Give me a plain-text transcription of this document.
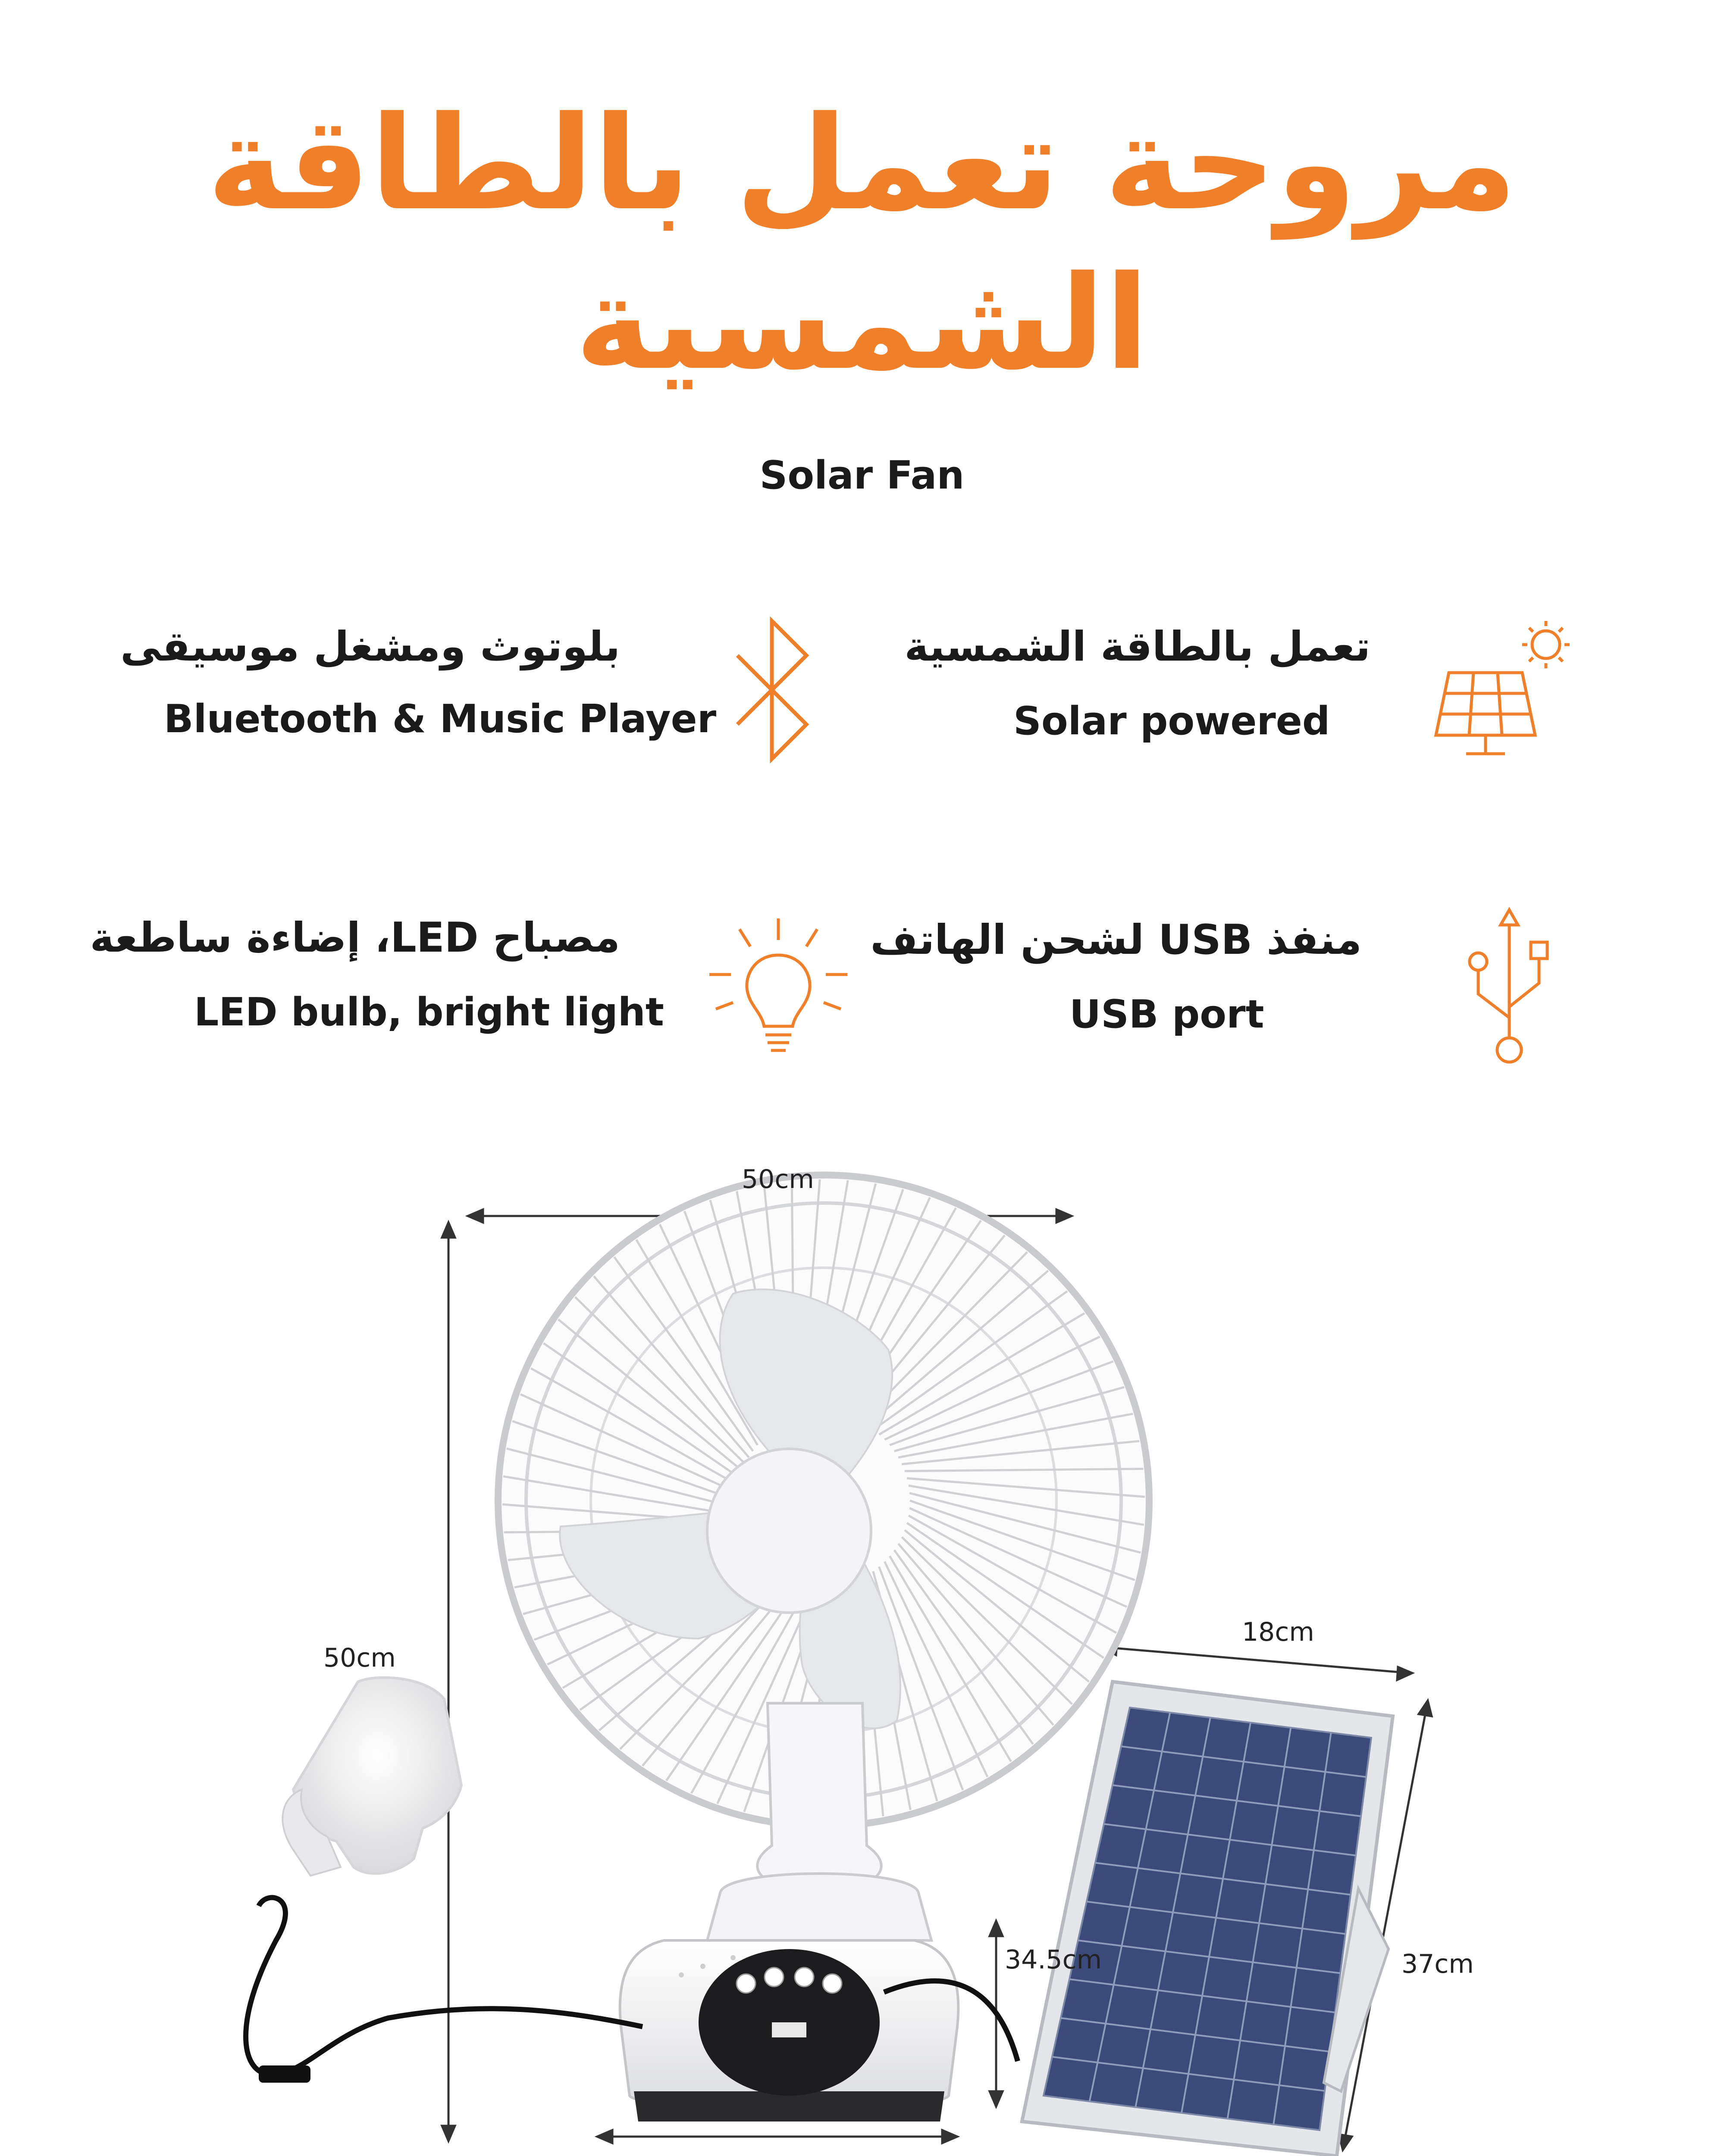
مروحة تعمل بالطاقة
الشمسية
Solar Fan
بلوتوث ومشغل موسيقى
Bluetooth & Music Player
تعمل بالطاقة الشمسية
Solar powered
مصباح LED، إضاءة ساطعة
LED bulb, bright light
منفذ USB لشحن الهاتف
USB port
50cm
50cm
34.5cm
18cm
37cm
